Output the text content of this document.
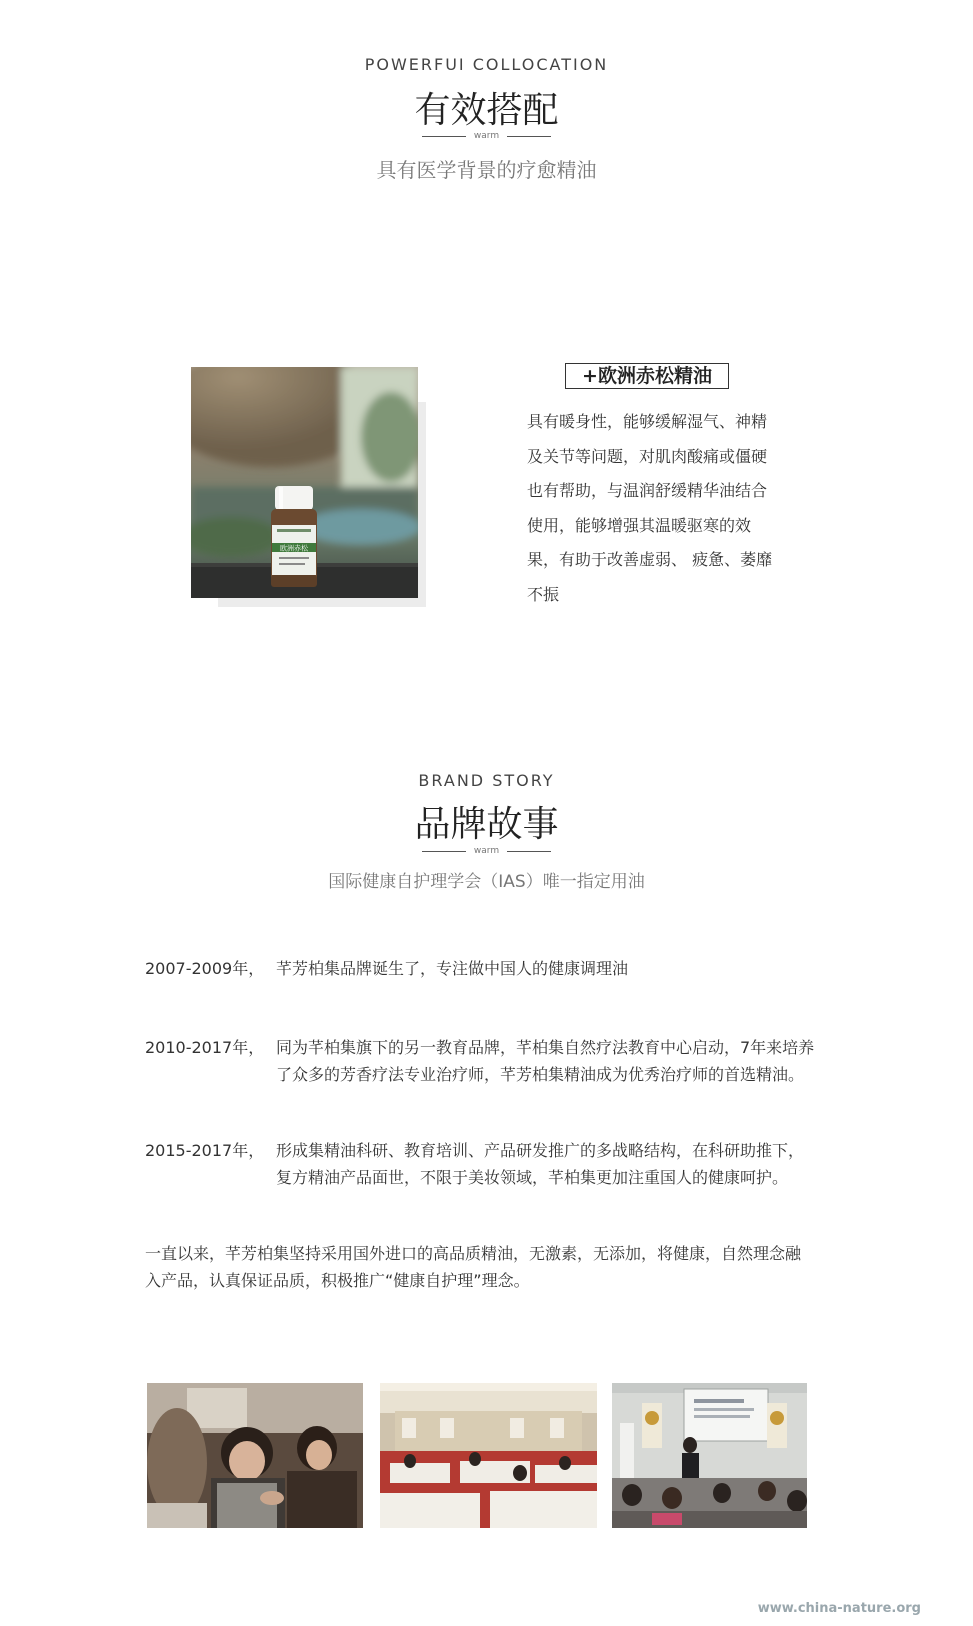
POWERFUI COLLOCATION
有效搭配
warm
具有医学背景的疗愈精油
欧洲赤松
+欧洲赤松精油
具有暖身性，能够缓解湿气、神精及关节等问题，对肌肉酸痛或僵硬也有帮助，与温润舒缓精华油结合使用，能够增强其温暖驱寒的效果，有助于改善虚弱、 疲惫、萎靡不振
BRAND STORY
品牌故事
warm
国际健康自护理学会（IAS）唯一指定用油
2007-2009年， 芊芳柏集品牌诞生了，专注做中国人的健康调理油
2010-2017年， 同为芊柏集旗下的另一教育品牌，芊柏集自然疗法教育中心启动，7年来培养了众多的芳香疗法专业治疗师，芊芳柏集精油成为优秀治疗师的首选精油。
2015-2017年， 形成集精油科研、教育培训、产品研发推广的多战略结构，在科研助推下，复方精油产品面世，不限于美妆领域，芊柏集更加注重国人的健康呵护。
一直以来，芊芳柏集坚持采用国外进口的高品质精油，无激素，无添加，将健康，自然理念融入产品，认真保证品质，积极推广“健康自护理”理念。
www.china-nature.org
